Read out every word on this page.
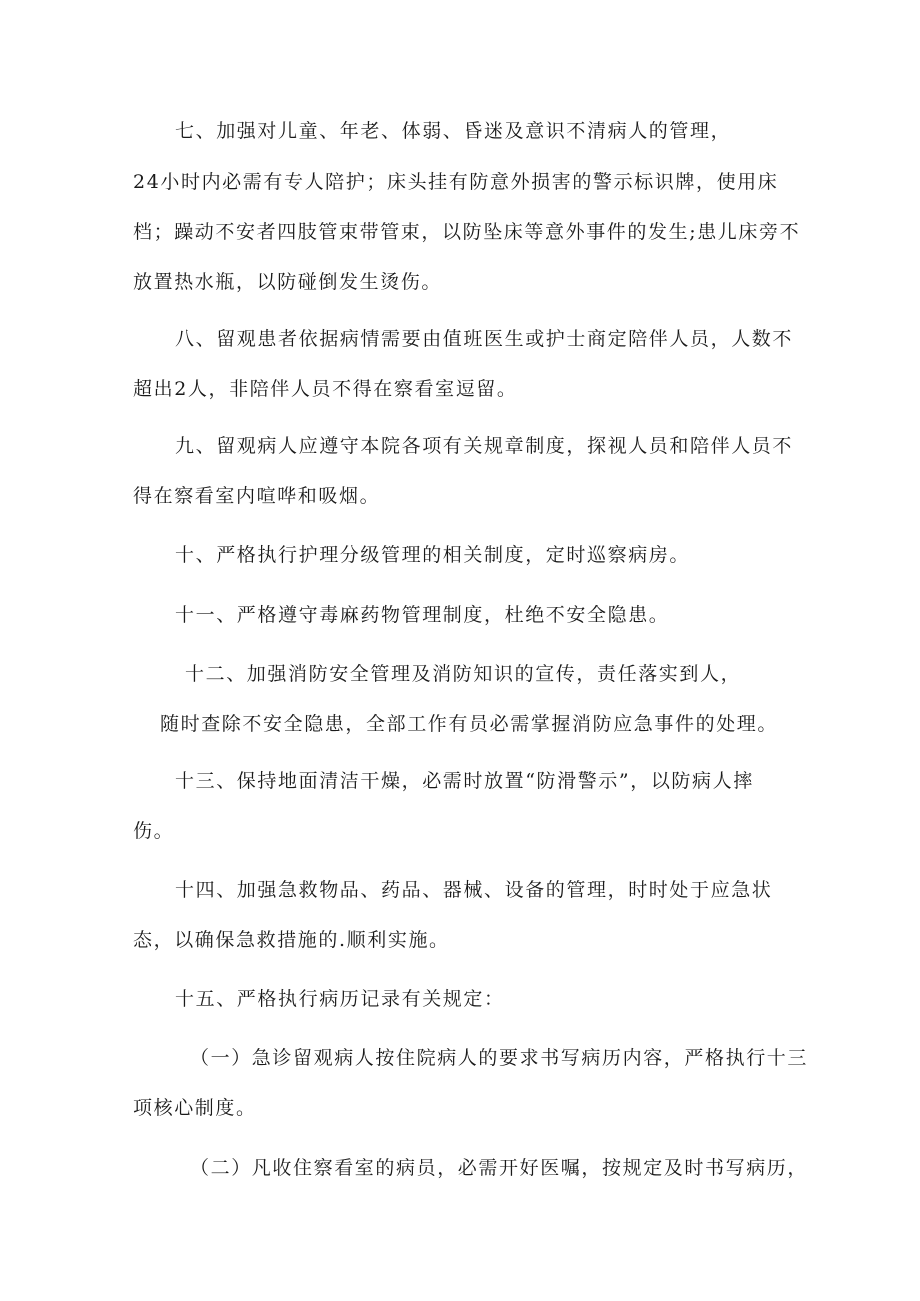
七、加强对儿童、年老、体弱、昏迷及意识不清病人的管理，
24小时内必需有专人陪护；床头挂有防意外损害的警示标识牌，使用床
档；躁动不安者四肢管束带管束，以防坠床等意外事件的发生;患儿床旁不
放置热水瓶，以防碰倒发生烫伤。
八、留观患者依据病情需要由值班医生或护士商定陪伴人员，人数不
超出2人，非陪伴人员不得在察看室逗留。
九、留观病人应遵守本院各项有关规章制度，探视人员和陪伴人员不
得在察看室内喧哗和吸烟。
十、严格执行护理分级管理的相关制度，定时巡察病房。
十一、严格遵守毒麻药物管理制度，杜绝不安全隐患。
十二、加强消防安全管理及消防知识的宣传，责任落实到人，
随时查除不安全隐患，全部工作有员必需掌握消防应急事件的处理。
十三、保持地面清洁干燥，必需时放置“防滑警示”，以防病人摔
伤。
十四、加强急救物品、药品、器械、设备的管理，时时处于应急状
态，以确保急救措施的.顺利实施。
十五、严格执行病历记录有关规定：
（一）急诊留观病人按住院病人的要求书写病历内容，严格执行十三
项核心制度。
（二）凡收住察看室的病员，必需开好医嘱，按规定及时书写病历，
